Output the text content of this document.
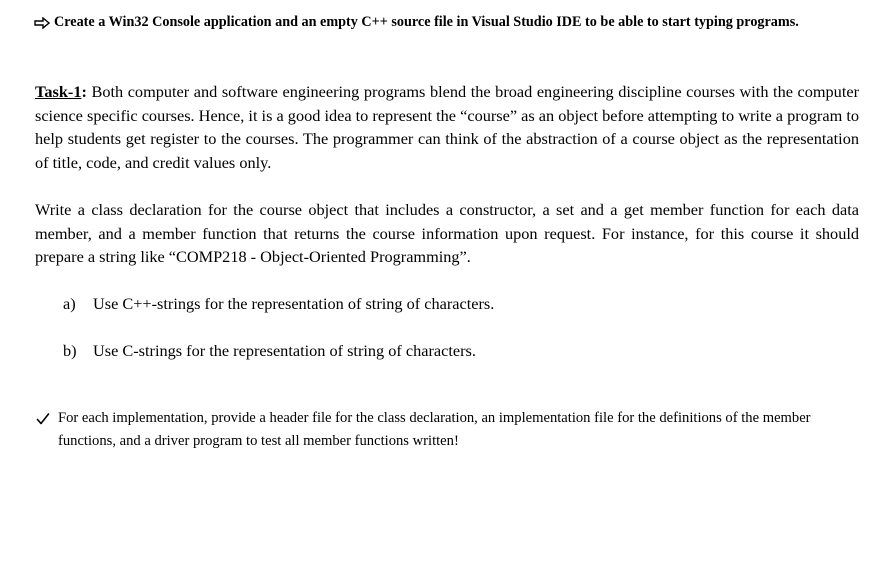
Create a Win32 Console application and an empty C++ source file in Visual Studio IDE to be able to start typing programs.
Task-1: Both computer and software engineering programs blend the broad engineering discipline courses with the computer science specific courses. Hence, it is a good idea to represent the “course” as an object before attempting to write a program to help students get register to the courses. The programmer can think of the abstraction of a course object as the representation of title, code, and credit values only.
Write a class declaration for the course object that includes a constructor, a set and a get member function for each data member, and a member function that returns the course information upon request. For instance, for this course it should prepare a string like “COMP218 - Object-Oriented Programming”.
a) Use C++-strings for the representation of string of characters.
b) Use C-strings for the representation of string of characters.
For each implementation, provide a header file for the class declaration, an implementation file for the definitions of the member functions, and a driver program to test all member functions written!
